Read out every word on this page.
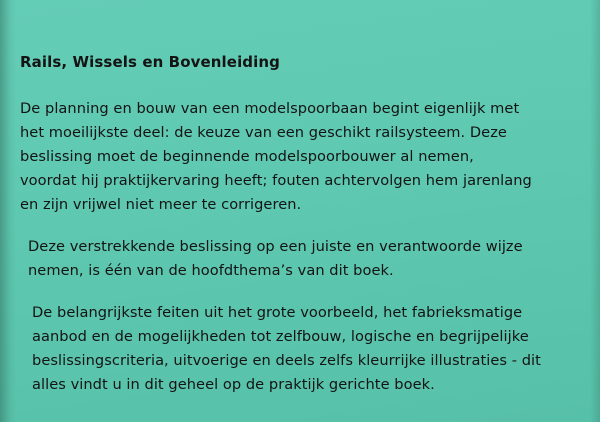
Rails, Wissels en Bovenleiding

De planning en bouw van een modelspoorbaan begint eigenlijk met
het moeilijkste deel: de keuze van een geschikt railsysteem. Deze
beslissing moet de beginnende modelspoorbouwer al nemen,
voordat hij praktijkervaring heeft; fouten achtervolgen hem jarenlang
en zijn vrijwel niet meer te corrigeren.

Deze verstrekkende beslissing op een juiste en verantwoorde wijze
nemen, is één van de hoofdthema’s van dit boek.

De belangrijkste feiten uit het grote voorbeeld, het fabrieksmatige
aanbod en de mogelijkheden tot zelfbouw, logische en begrijpelijke
beslissingscriteria, uitvoerige en deels zelfs kleurrijke illustraties - dit
alles vindt u in dit geheel op de praktijk gerichte boek.
